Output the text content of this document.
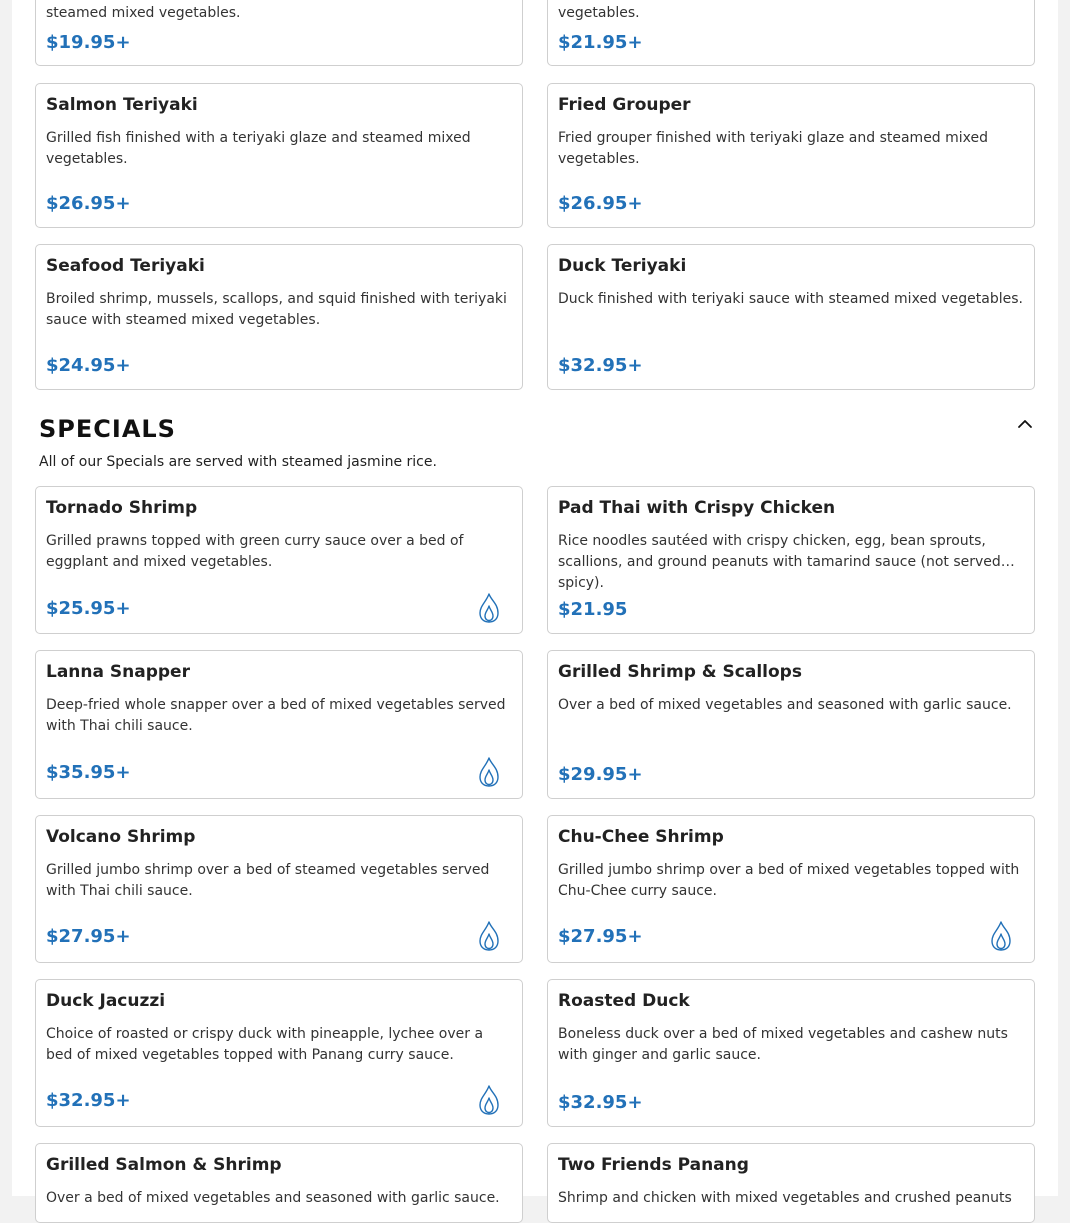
steamed mixed vegetables.
$19.95+
vegetables.
$21.95+
Salmon Teriyaki
Grilled fish finished with a teriyaki glaze and steamed mixed vegetables.
$26.95+
Fried Grouper
Fried grouper finished with teriyaki glaze and steamed mixed vegetables.
$26.95+
Seafood Teriyaki
Broiled shrimp, mussels, scallops, and squid finished with teriyaki sauce with steamed mixed vegetables.
$24.95+
Duck Teriyaki
Duck finished with teriyaki sauce with steamed mixed vegetables.
$32.95+
SPECIALS
All of our Specials are served with steamed jasmine rice.
Tornado Shrimp
Grilled prawns topped with green curry sauce over a bed of eggplant and mixed vegetables.
$25.95+
Pad Thai with Crispy Chicken
Rice noodles sautéed with crispy chicken, egg, bean sprouts, scallions, and ground peanuts with tamarind sauce (not served spicy).
$21.95
Lanna Snapper
Deep-fried whole snapper over a bed of mixed vegetables served with Thai chili sauce.
$35.95+
Grilled Shrimp & Scallops
Over a bed of mixed vegetables and seasoned with garlic sauce.
$29.95+
Volcano Shrimp
Grilled jumbo shrimp over a bed of steamed vegetables served with Thai chili sauce.
$27.95+
Chu-Chee Shrimp
Grilled jumbo shrimp over a bed of mixed vegetables topped with Chu-Chee curry sauce.
$27.95+
Duck Jacuzzi
Choice of roasted or crispy duck with pineapple, lychee over a bed of mixed vegetables topped with Panang curry sauce.
$32.95+
Roasted Duck
Boneless duck over a bed of mixed vegetables and cashew nuts with ginger and garlic sauce.
$32.95+
Grilled Salmon & Shrimp
Over a bed of mixed vegetables and seasoned with garlic sauce.
Two Friends Panang
Shrimp and chicken with mixed vegetables and crushed peanuts
